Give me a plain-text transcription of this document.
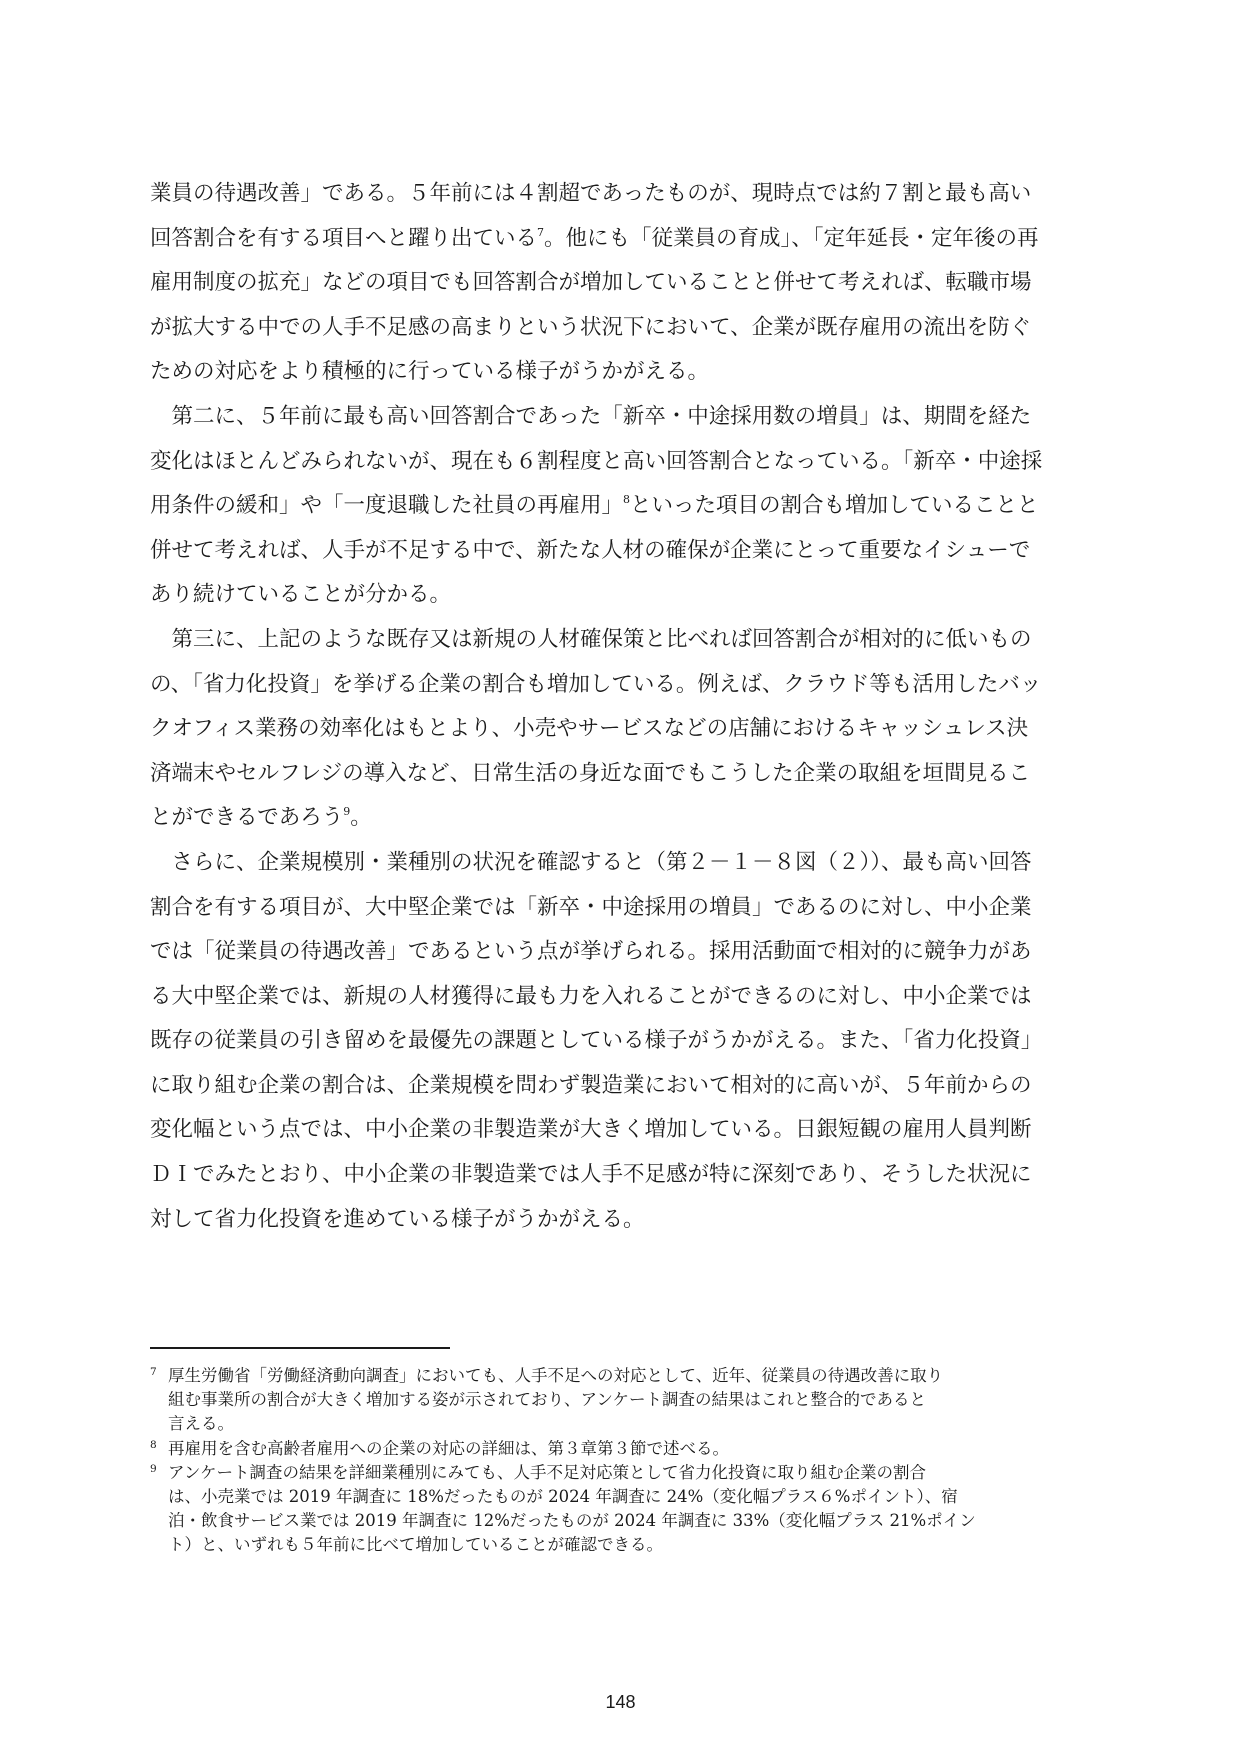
業員の待遇改善」である。５年前には４割超であったものが、現時点では約７割と最も高い
回答割合を有する項目へと躍り出ている$^7$。他にも「従業員の育成」、「定年延長・定年後の再
雇用制度の拡充」などの項目でも回答割合が増加していることと併せて考えれば、転職市場
が拡大する中での人手不足感の高まりという状況下において、企業が既存雇用の流出を防ぐ
ための対応をより積極的に行っている様子がうかがえる。
　第二に、５年前に最も高い回答割合であった「新卒・中途採用数の増員」は、期間を経た
変化はほとんどみられないが、現在も６割程度と高い回答割合となっている。「新卒・中途採
用条件の緩和」や「一度退職した社員の再雇用」$^8$といった項目の割合も増加していることと
併せて考えれば、人手が不足する中で、新たな人材の確保が企業にとって重要なイシューで
あり続けていることが分かる。
　第三に、上記のような既存又は新規の人材確保策と比べれば回答割合が相対的に低いもの
の、「省力化投資」を挙げる企業の割合も増加している。例えば、クラウド等も活用したバッ
クオフィス業務の効率化はもとより、小売やサービスなどの店舗におけるキャッシュレス決
済端末やセルフレジの導入など、日常生活の身近な面でもこうした企業の取組を垣間見るこ
とができるであろう$^9$。
　さらに、企業規模別・業種別の状況を確認すると（第２－１－８図（２））、最も高い回答
割合を有する項目が、大中堅企業では「新卒・中途採用の増員」であるのに対し、中小企業
では「従業員の待遇改善」であるという点が挙げられる。採用活動面で相対的に競争力があ
る大中堅企業では、新規の人材獲得に最も力を入れることができるのに対し、中小企業では
既存の従業員の引き留めを最優先の課題としている様子がうかがえる。また、「省力化投資」
に取り組む企業の割合は、企業規模を問わず製造業において相対的に高いが、５年前からの
変化幅という点では、中小企業の非製造業が大きく増加している。日銀短観の雇用人員判断
ＤＩでみたとおり、中小企業の非製造業では人手不足感が特に深刻であり、そうした状況に
対して省力化投資を進めている様子がうかがえる。
7 厚生労働省「労働経済動向調査」においても、人手不足への対応として、近年、従業員の待遇改善に取り
組む事業所の割合が大きく増加する姿が示されており、アンケート調査の結果はこれと整合的であると
言える。
8 再雇用を含む高齢者雇用への企業の対応の詳細は、第３章第３節で述べる。
9 アンケート調査の結果を詳細業種別にみても、人手不足対応策として省力化投資に取り組む企業の割合
は、小売業では 2019 年調査に 18%だったものが 2024 年調査に 24%（変化幅プラス６%ポイント）、宿
泊・飲食サービス業では 2019 年調査に 12%だったものが 2024 年調査に 33%（変化幅プラス 21%ポイン
ト）と、いずれも５年前に比べて増加していることが確認できる。
148
